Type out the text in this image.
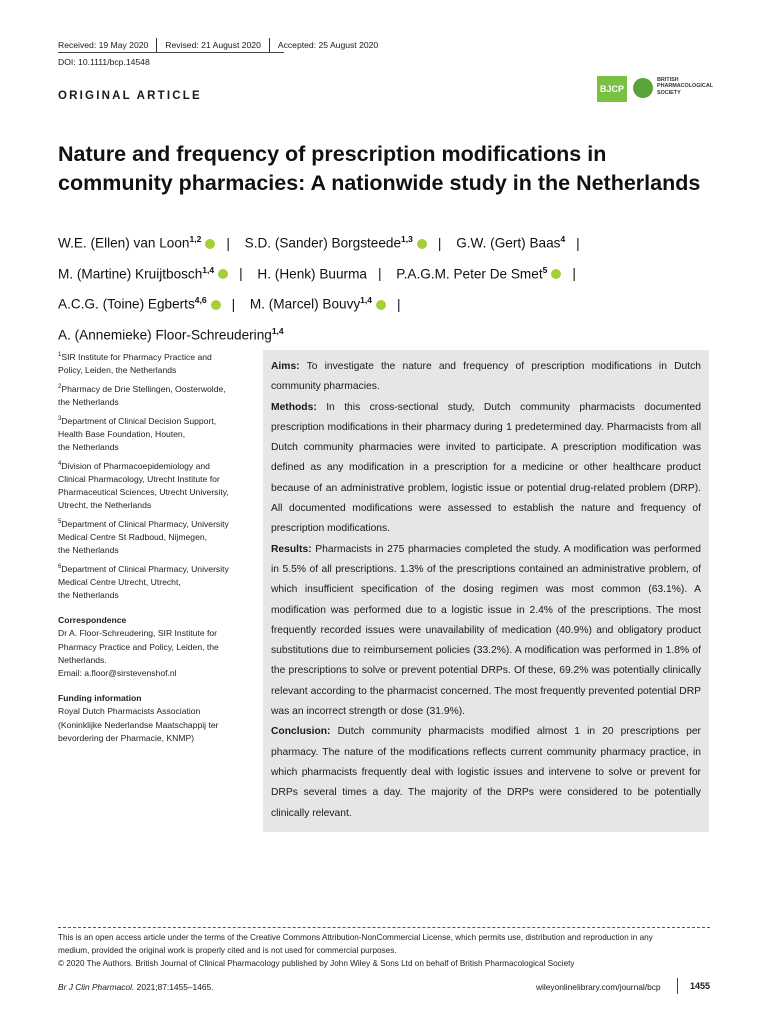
Received: 19 May 2020 Revised: 21 August 2020 Accepted: 25 August 2020
DOI: 10.1111/bcp.14548
ORIGINAL ARTICLE
BJCP
BRITISH
PHARMACOLOGICAL
SOCIETY
Nature and frequency of prescription modifications in
community pharmacies: A nationwide study in the Netherlands
W.E. (Ellen) van Loon$^{1,2}$ | S.D. (Sander) Borgsteede$^{1,3}$ | G.W. (Gert) Baas$^4$ |
M. (Martine) Kruijtbosch$^{1,4}$ | H. (Henk) Buurma | P.A.G.M. Peter De Smet$^5$ |
A.C.G. (Toine) Egberts$^{4,6}$ | M. (Marcel) Bouvy$^{1,4}$ |
A. (Annemieke) Floor-Schreudering$^{1,4}$
$^1$SIR Institute for Pharmacy Practice and
Policy, Leiden, the Netherlands
$^2$Pharmacy de Drie Stellingen, Oosterwolde,
the Netherlands
$^3$Department of Clinical Decision Support,
Health Base Foundation, Houten,
the Netherlands
$^4$Division of Pharmacoepidemiology and
Clinical Pharmacology, Utrecht Institute for
Pharmaceutical Sciences, Utrecht University,
Utrecht, the Netherlands
$^5$Department of Clinical Pharmacy, University
Medical Centre St Radboud, Nijmegen,
the Netherlands
$^6$Department of Clinical Pharmacy, University
Medical Centre Utrecht, Utrecht,
the Netherlands
Correspondence
Dr A. Floor-Schreudering, SIR Institute for
Pharmacy Practice and Policy, Leiden, the
Netherlands.
Email: a.floor@sirstevenshof.nl
Funding information
Royal Dutch Pharmacists Association
(Koninklijke Nederlandse Maatschappij ter
bevordering der Pharmacie, KNMP)

Aims: To investigate the nature and frequency of prescription modifications in Dutch community pharmacies.

Methods: In this cross-sectional study, Dutch community pharmacists documented prescription modifications in their pharmacy during 1 predetermined day. Pharmacists from all Dutch community pharmacies were invited to participate. A prescription modification was defined as any modification in a prescription for a medicine or other healthcare product because of an administrative problem, logistic issue or potential drug-related problem (DRP). All documented modifications were assessed to establish the nature and frequency of prescription modifications.

Results: Pharmacists in 275 pharmacies completed the study. A modification was performed in 5.5% of all prescriptions. 1.3% of the prescriptions contained an administrative problem, of which insufficient specification of the dosing regimen was most common (63.1%). A modification was performed due to a logistic issue in 2.4% of the prescriptions. The most frequently recorded issues were unavailability of medication (40.9%) and obligatory product substitutions due to reimbursement policies (33.2%). A modification was performed in 1.8% of the prescriptions to solve or prevent potential DRPs. Of these, 69.2% was potentially clinically relevant according to the pharmacist concerned. The most frequently prevented potential DRP was an incorrect strength or dose (31.9%).

Conclusion: Dutch community pharmacists modified almost 1 in 20 prescriptions per pharmacy. The nature of the modifications reflects current community pharmacy practice, in which pharmacists frequently deal with logistic issues and intervene to solve or prevent for DRPs several times a day. The majority of the DRPs were considered to be potentially clinically relevant.

This is an open access article under the terms of the Creative Commons Attribution-NonCommercial License, which permits use, distribution and reproduction in any
medium, provided the original work is properly cited and is not used for commercial purposes.
© 2020 The Authors. British Journal of Clinical Pharmacology published by John Wiley & Sons Ltd on behalf of British Pharmacological Society
Br J Clin Pharmacol. 2021;87:1455–1465.	wileyonlinelibrary.com/journal/bcp	1455
